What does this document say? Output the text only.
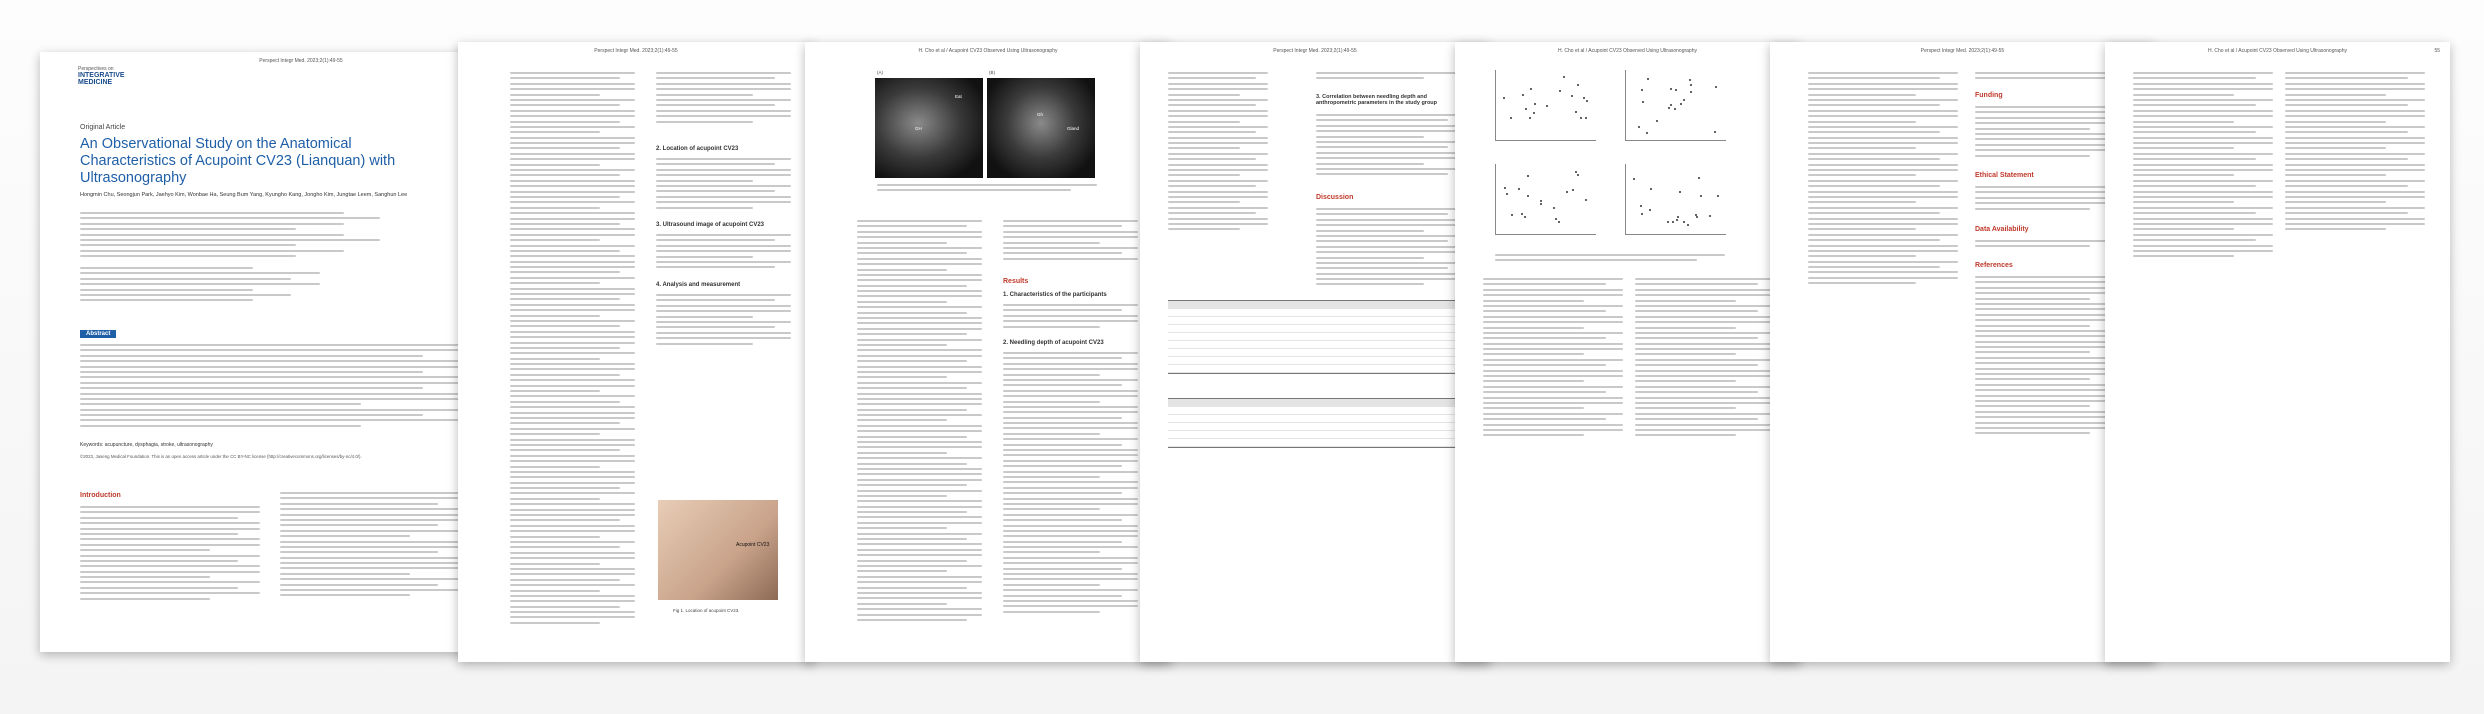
Perspectives on
INTEGRATIVE MEDICINE
Perspect Integr Med. 2023;2(1):49-55
Original Article
An Observational Study on the Anatomical Characteristics of Acupoint CV23 (Lianquan) with Ultrasonography
Hongmin Chu, Seongjun Park, Jaehyo Kim, Wonbae Ha, Seung Bum Yang, Kyungho Kang, Jongho Kim, Jungtae Leem, Sanghun Lee
Abstract
Keywords: acupuncture, dysphagia, stroke, ultrasonography
©2023, Jaseng Medical Foundation. This is an open access article under the CC BY-NC license (http://creativecommons.org/licenses/by-nc/4.0/).
Introduction
Perspect Integr Med. 2023;2(1):49-55
2. Location of acupoint CV23
3. Ultrasound image of acupoint CV23
4. Analysis and measurement
Acupoint CV23
Fig 1. Location of acupoint CV23.
H. Cho et al / Acupoint CV23 Observed Using Ultrasonography
(A)	(B)
Eat
GH
Gh
Gland
Results
1. Characteristics of the participants
2. Needling depth of acupoint CV23
Perspect Integr Med. 2023;2(1):49-55
3. Correlation between needling depth and anthropometric parameters in the study group
Discussion
H. Cho et al / Acupoint CV23 Observed Using Ultrasonography	Perspect Integr Med. 2023;2(1):49-55
Funding
Ethical Statement
Data Availability
References
H. Cho et al / Acupoint CV23 Observed Using Ultrasonography	55
